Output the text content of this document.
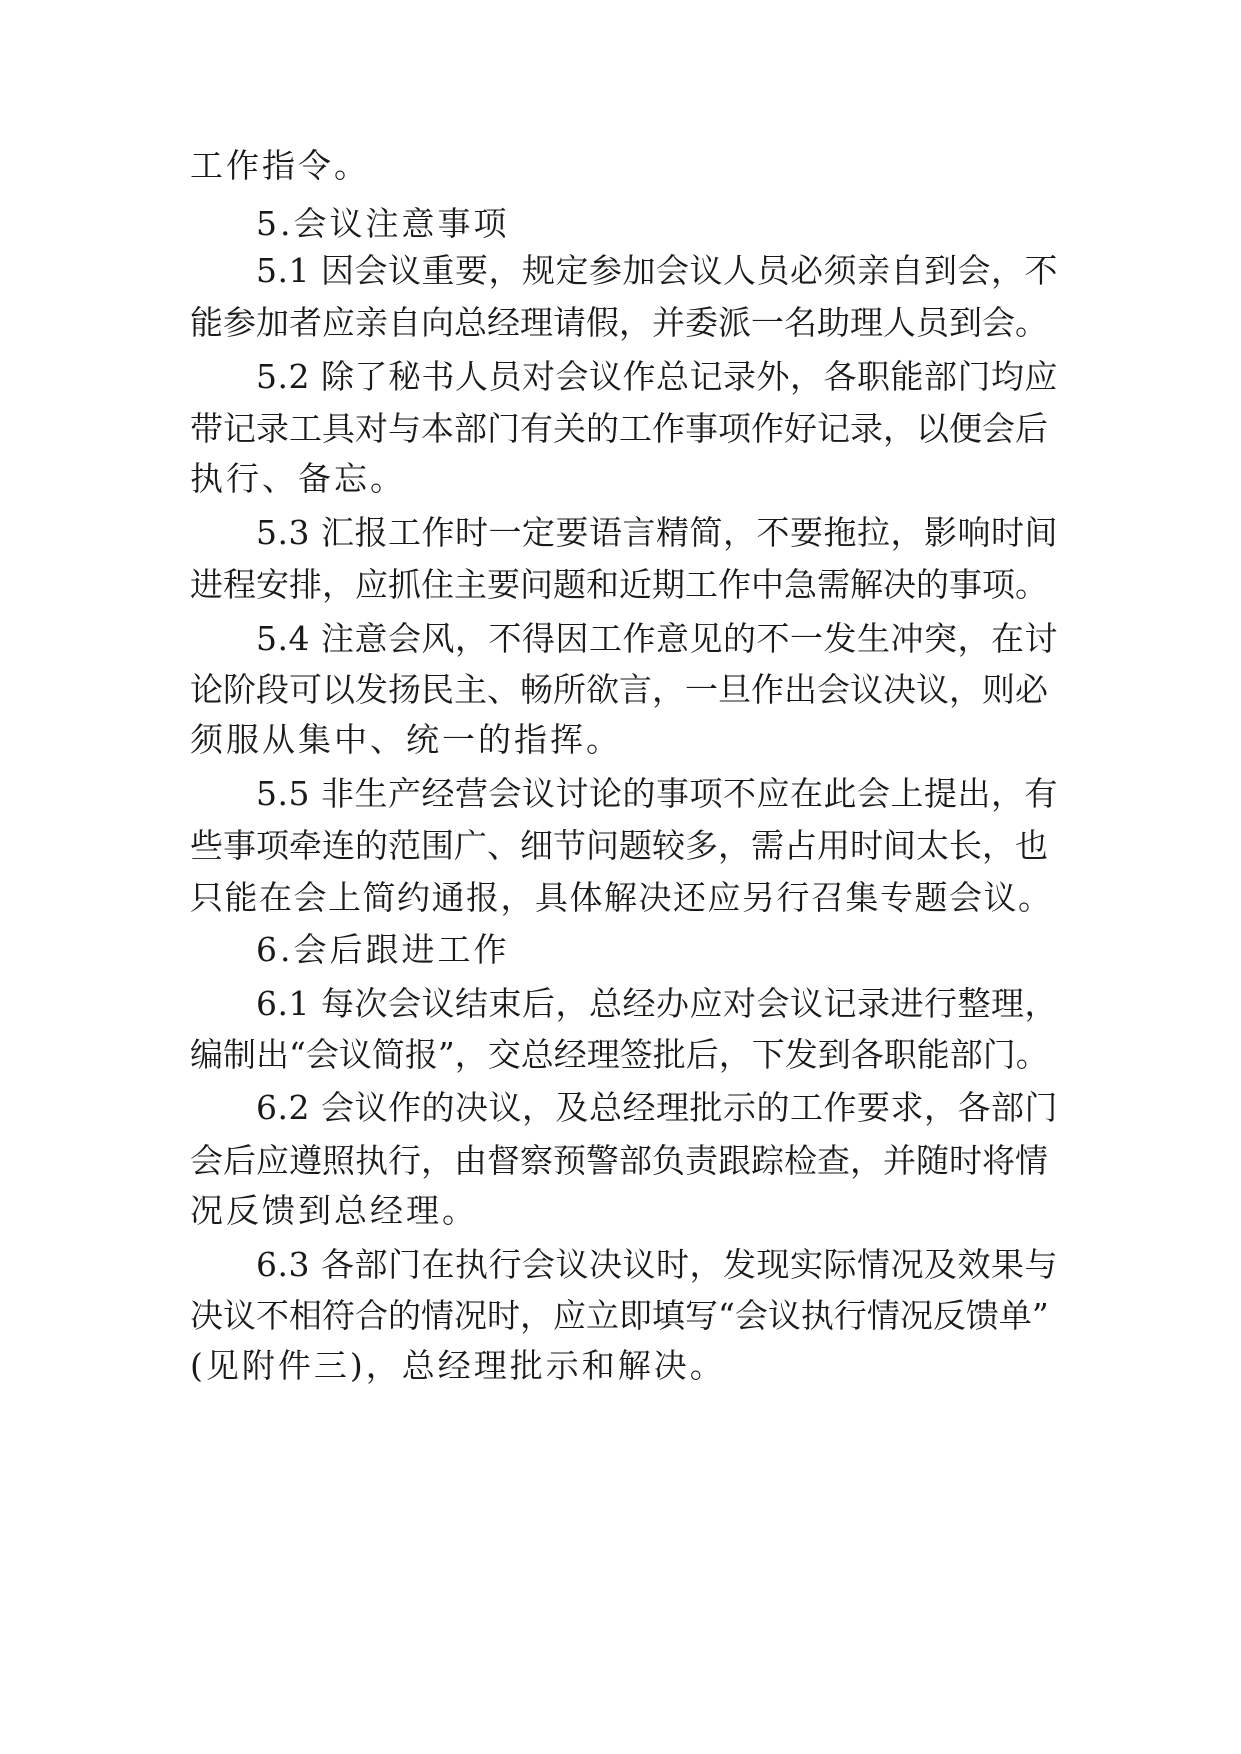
工作指令。
5.会议注意事项
5.1 因会议重要，规定参加会议人员必须亲自到会，不
能参加者应亲自向总经理请假，并委派一名助理人员到会。
5.2 除了秘书人员对会议作总记录外，各职能部门均应
带记录工具对与本部门有关的工作事项作好记录，以便会后
执行、备忘。
5.3 汇报工作时一定要语言精简，不要拖拉，影响时间
进程安排，应抓住主要问题和近期工作中急需解决的事项。
5.4 注意会风，不得因工作意见的不一发生冲突，在讨
论阶段可以发扬民主、畅所欲言，一旦作出会议决议，则必
须服从集中、统一的指挥。
5.5 非生产经营会议讨论的事项不应在此会上提出，有
些事项牵连的范围广、细节问题较多，需占用时间太长，也
只能在会上简约通报，具体解决还应另行召集专题会议。
6.会后跟进工作
6.1 每次会议结束后，总经办应对会议记录进行整理，
编制出“会议简报”，交总经理签批后，下发到各职能部门。
6.2 会议作的决议，及总经理批示的工作要求，各部门
会后应遵照执行，由督察预警部负责跟踪检查，并随时将情
况反馈到总经理。
6.3 各部门在执行会议决议时，发现实际情况及效果与
决议不相符合的情况时，应立即填写“会议执行情况反馈单”
(见附件三)，总经理批示和解决。
